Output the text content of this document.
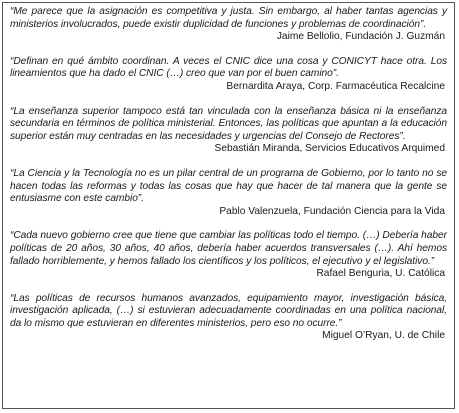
“Me parece que la asignación es competitiva y justa. Sin embargo, al haber tantas agencias y ministerios involucrados, puede existir duplicidad de funciones y problemas de coordinación”.

Jaime Bellolio, Fundación J. Guzmán

“Definan en qué ámbito coordinan. A veces el CNIC dice una cosa y CONICYT hace otra. Los lineamientos que ha dado el CNIC (…) creo que van por el buen camino”.

Bernardita Araya, Corp. Farmacéutica Recalcine

“La enseñanza superior tampoco está tan vinculada con la enseñanza básica ni la enseñanza secundaria en términos de política ministerial. Entonces, las políticas que apuntan a la educación superior están muy centradas en las necesidades y urgencias del Consejo de Rectores”.

Sebastián Miranda, Servicios Educativos Arquimed

“La Ciencia y la Tecnología no es un pilar central de un programa de Gobierno, por lo tanto no se hacen todas las reformas y todas las cosas que hay que hacer de tal manera que la gente se entusiasme con este cambio”.

Pablo Valenzuela, Fundación Ciencia para la Vida

“Cada nuevo gobierno cree que tiene que cambiar las políticas todo el tiempo. (…) Debería haber políticas de 20 años, 30 años, 40 años, debería haber acuerdos transversales (…). Ahí hemos fallado horriblemente, y hemos fallado los científicos y los políticos, el ejecutivo y el legislativo.”

Rafael Benguria, U. Católica

“Las políticas de recursos humanos avanzados, equipamiento mayor, investigación básica, investigación aplicada, (…) si estuvieran adecuadamente coordinadas en una política nacional, da lo mismo que estuvieran en diferentes ministerios, pero eso no ocurre.”

Miguel O’Ryan, U. de Chile
